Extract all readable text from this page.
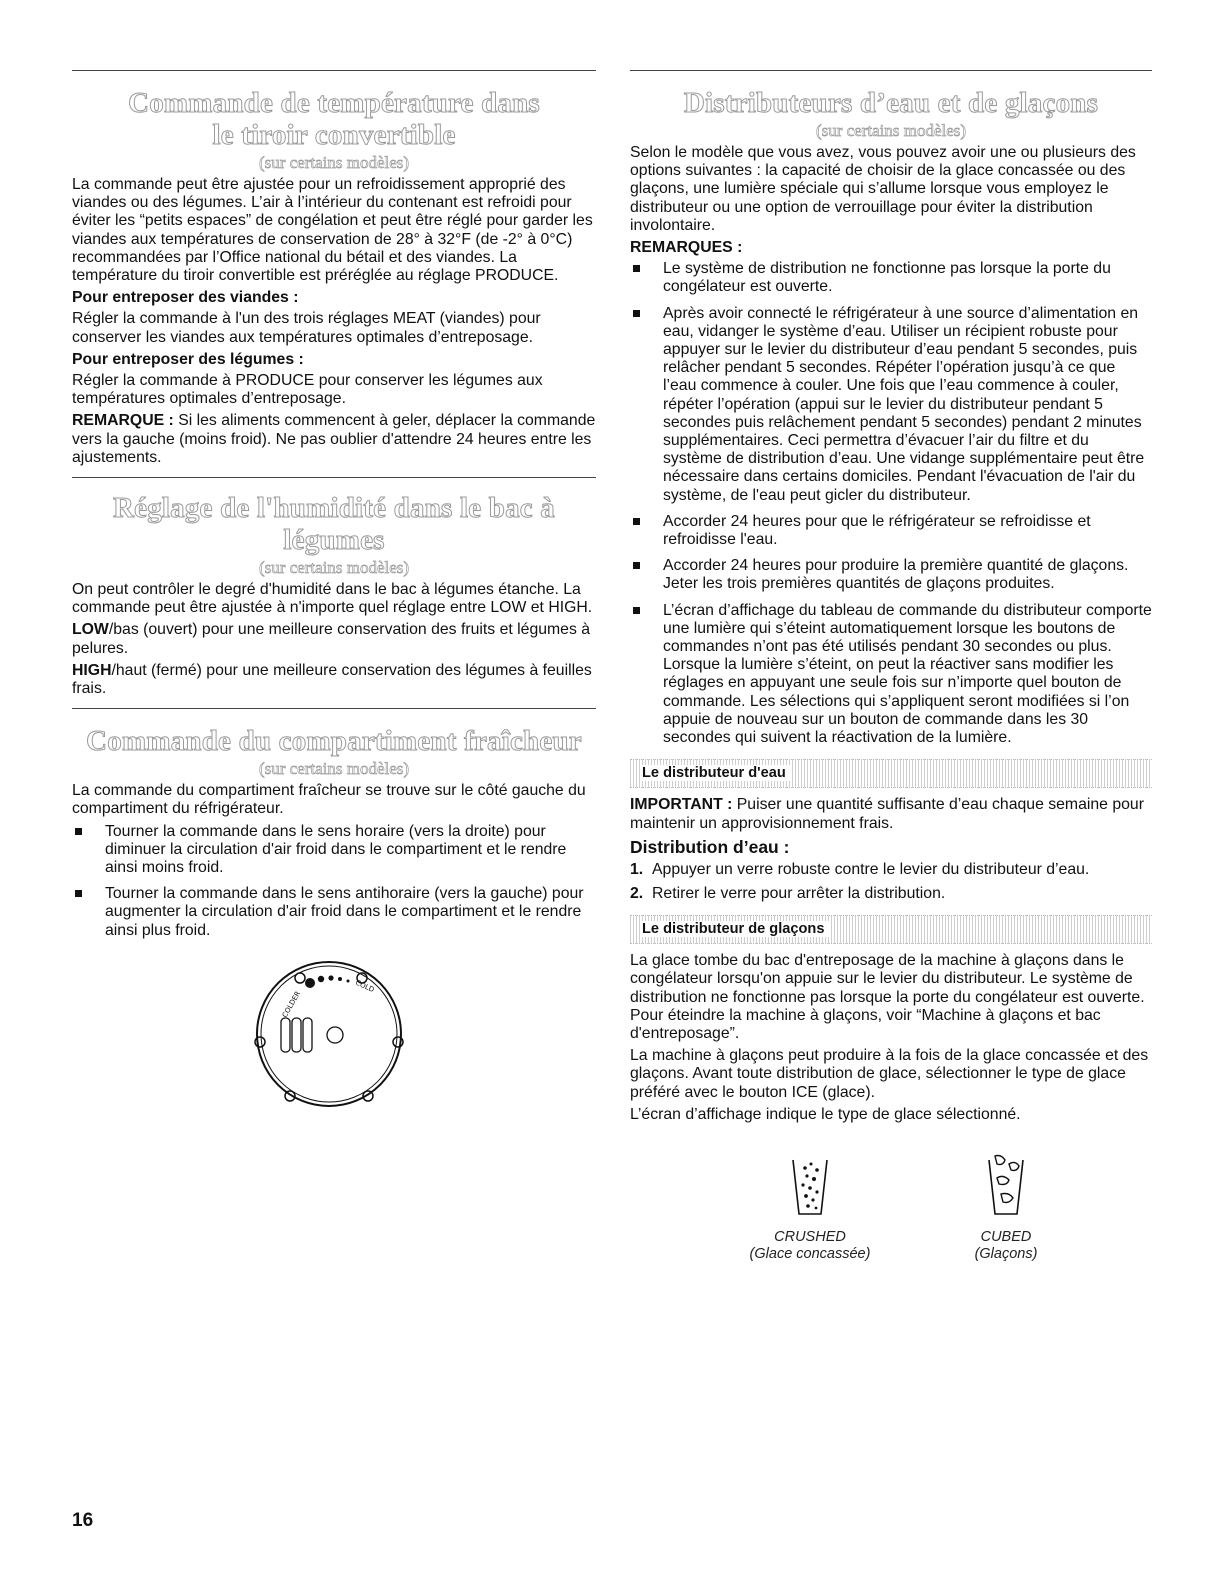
Commande de température dans
le tiroir convertible
(sur certains modèles)

La commande peut être ajustée pour un refroidissement approprié des viandes ou des légumes. L’air à l’intérieur du contenant est refroidi pour éviter les “petits espaces” de congélation et peut être réglé pour garder les viandes aux températures de conservation de 28° à 32°F (de -2° à 0°C) recommandées par l’Office national du bétail et des viandes. La température du tiroir convertible est préréglée au réglage PRODUCE.

Pour entreposer des viandes :

Régler la commande à l'un des trois réglages MEAT (viandes) pour conserver les viandes aux températures optimales d’entreposage.

Pour entreposer des légumes :

Régler la commande à PRODUCE pour conserver les légumes aux températures optimales d’entreposage.

REMARQUE : Si les aliments commencent à geler, déplacer la commande vers la gauche (moins froid). Ne pas oublier d'attendre 24 heures entre les ajustements.

Réglage de l'humidité dans le bac à légumes
(sur certains modèles)

On peut contrôler le degré d'humidité dans le bac à légumes étanche. La commande peut être ajustée à n'importe quel réglage entre LOW et HIGH.

LOW/bas (ouvert) pour une meilleure conservation des fruits et légumes à pelures.

HIGH/haut (fermé) pour une meilleure conservation des légumes à feuilles frais.

Commande du compartiment fraîcheur
(sur certains modèles)

La commande du compartiment fraîcheur se trouve sur le côté gauche du compartiment du réfrigérateur.

Tourner la commande dans le sens horaire (vers la droite) pour diminuer la circulation d'air froid dans le compartiment et le rendre ainsi moins froid.
Tourner la commande dans le sens antihoraire (vers la gauche) pour augmenter la circulation d'air froid dans le compartiment et le rendre ainsi plus froid.
COLDER
COLD
Distributeurs d’eau et de glaçons
(sur certains modèles)

Selon le modèle que vous avez, vous pouvez avoir une ou plusieurs des options suivantes : la capacité de choisir de la glace concassée ou des glaçons, une lumière spéciale qui s’allume lorsque vous employez le distributeur ou une option de verrouillage pour éviter la distribution involontaire.

REMARQUES :
Le système de distribution ne fonctionne pas lorsque la porte du congélateur est ouverte.
Après avoir connecté le réfrigérateur à une source d’alimentation en eau, vidanger le système d’eau. Utiliser un récipient robuste pour appuyer sur le levier du distributeur d’eau pendant 5 secondes, puis relâcher pendant 5 secondes. Répéter l’opération jusqu’à ce que l’eau commence à couler. Une fois que l’eau commence à couler, répéter l’opération (appui sur le levier du distributeur pendant 5 secondes puis relâchement pendant 5 secondes) pendant 2 minutes supplémentaires. Ceci permettra d’évacuer l’air du filtre et du système de distribution d’eau. Une vidange supplémentaire peut être nécessaire dans certains domiciles. Pendant l'évacuation de l'air du système, de l'eau peut gicler du distributeur.
Accorder 24 heures pour que le réfrigérateur se refroidisse et refroidisse l'eau.
Accorder 24 heures pour produire la première quantité de glaçons. Jeter les trois premières quantités de glaçons produites.
L’écran d’affichage du tableau de commande du distributeur comporte une lumière qui s’éteint automatiquement lorsque les boutons de commandes n’ont pas été utilisés pendant 30 secondes ou plus. Lorsque la lumière s’éteint, on peut la réactiver sans modifier les réglages en appuyant une seule fois sur n’importe quel bouton de commande. Les sélections qui s’appliquent seront modifiées si l’on appuie de nouveau sur un bouton de commande dans les 30 secondes qui suivent la réactivation de la lumière.
Le distributeur d'eau

IMPORTANT : Puiser une quantité suffisante d’eau chaque semaine pour maintenir un approvisionnement frais.

Distribution d’eau :
1. Appuyer un verre robuste contre le levier du distributeur d’eau.
2. Retirer le verre pour arrêter la distribution.
Le distributeur de glaçons

La glace tombe du bac d'entreposage de la machine à glaçons dans le congélateur lorsqu'on appuie sur le levier du distributeur. Le système de distribution ne fonctionne pas lorsque la porte du congélateur est ouverte. Pour éteindre la machine à glaçons, voir “Machine à glaçons et bac d'entreposage”.

La machine à glaçons peut produire à la fois de la glace concassée et des glaçons. Avant toute distribution de glace, sélectionner le type de glace préféré avec le bouton ICE (glace).

L’écran d’affichage indique le type de glace sélectionné.

CRUSHED
(Glace concassée)
CUBED
(Glaçons)
16
